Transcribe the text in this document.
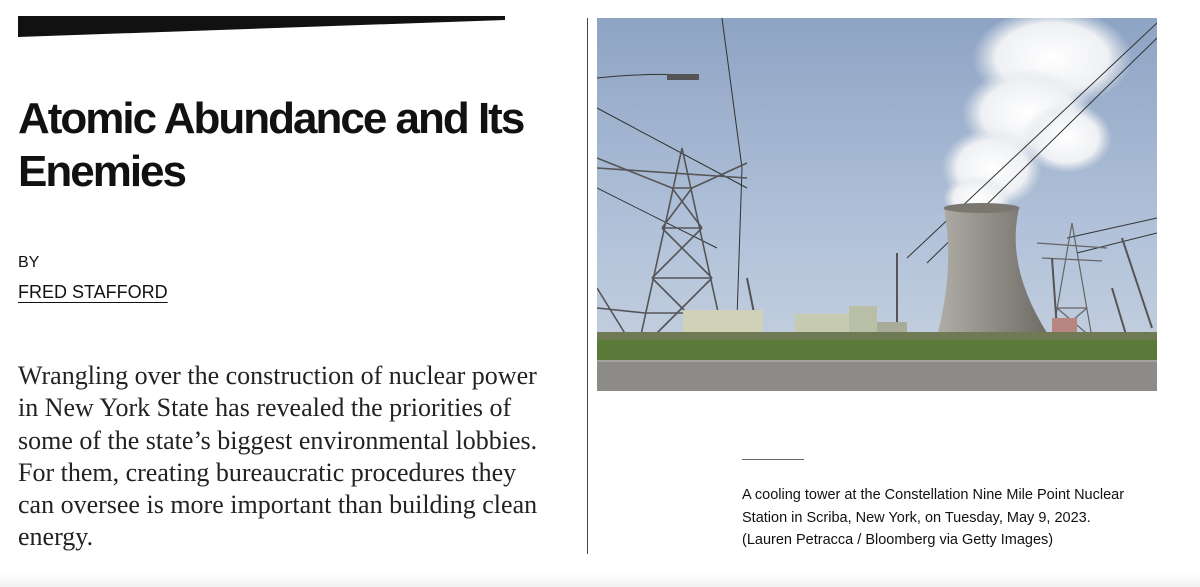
Atomic Abundance and Its Enemies
BY
FRED STAFFORD

Wrangling over the construction of nuclear power in New York State has revealed the priorities of some of the state’s biggest environmental lobbies. For them, creating bureaucratic procedures they can oversee is more important than building clean energy.

A cooling tower at the Constellation Nine Mile Point Nuclear
Station in Scriba, New York, on Tuesday, May 9, 2023.
(Lauren Petracca / Bloomberg via Getty Images)
